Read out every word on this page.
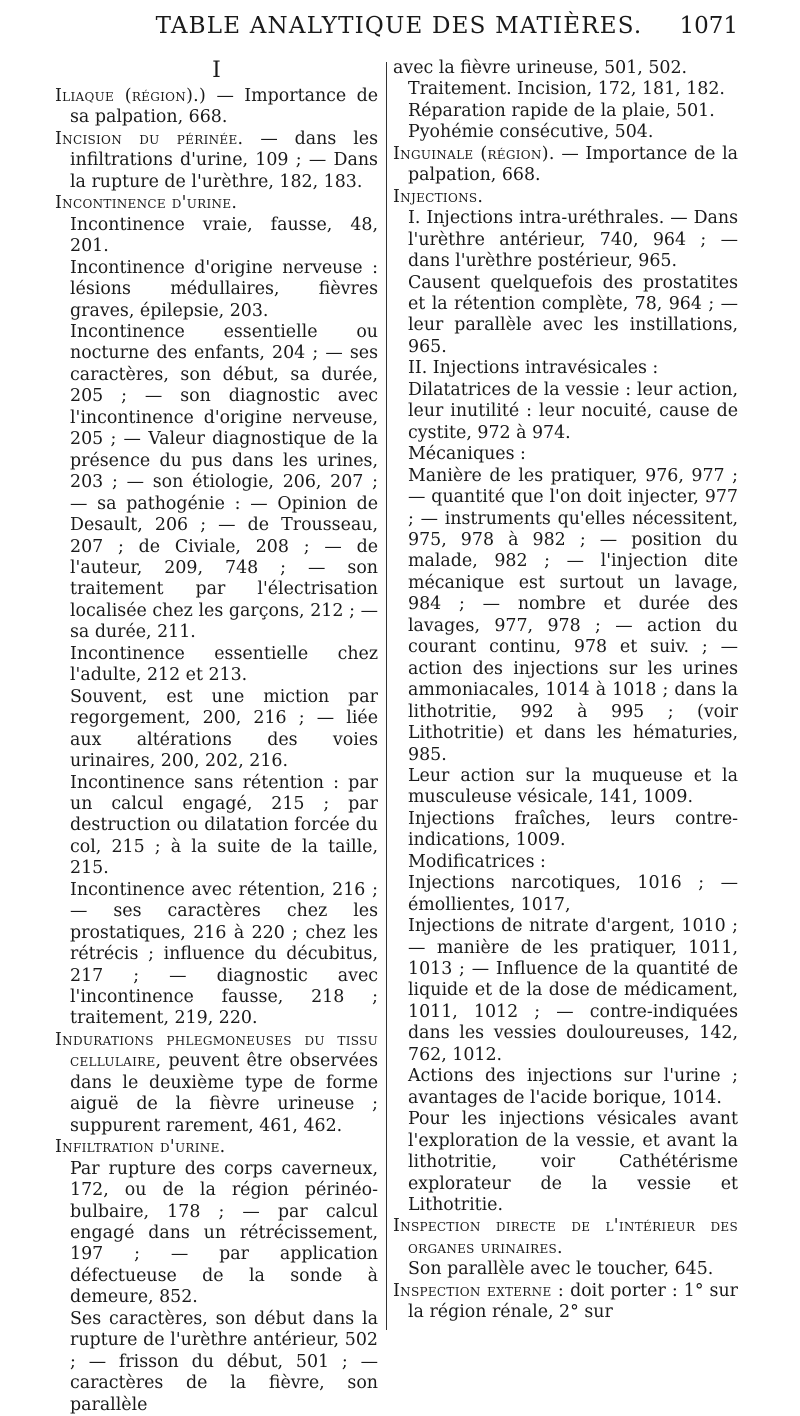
TABLE ANALYTIQUE DES MATIÈRES.	1071
I

Iliaque (région).) — Importance de sa palpation, 668.

Incision du périnée. — dans les infiltrations d'urine, 109 ; — Dans la rupture de l'urèthre, 182, 183.

Incontinence d'urine.

Incontinence vraie, fausse, 48, 201.

Incontinence d'origine nerveuse : lésions médullaires, fièvres graves, épilepsie, 203.

Incontinence essentielle ou nocturne des enfants, 204 ; — ses caractères, son début, sa durée, 205 ; — son diagnostic avec l'incontinence d'origine nerveuse, 205 ; — Valeur diagnostique de la présence du pus dans les urines, 203 ; — son étiologie, 206, 207 ; — sa pathogénie : — Opinion de Desault, 206 ; — de Trousseau, 207 ; de Civiale, 208 ; — de l'auteur, 209, 748 ; — son traitement par l'électrisation localisée chez les garçons, 212 ; — sa durée, 211.

Incontinence essentielle chez l'adulte, 212 et 213.

Souvent, est une miction par regorgement, 200, 216 ; — liée aux altérations des voies urinaires, 200, 202, 216.

Incontinence sans rétention : par un calcul engagé, 215 ; par destruction ou dilatation forcée du col, 215 ; à la suite de la taille, 215.

Incontinence avec rétention, 216 ; — ses caractères chez les prostatiques, 216 à 220 ; chez les rétrécis ; influence du décubitus, 217 ; — diagnostic avec l'incontinence fausse, 218 ; traitement, 219, 220.

Indurations phlegmoneuses du tissu cellulaire, peuvent être observées dans le deuxième type de forme aiguë de la fièvre urineuse ; suppurent rarement, 461, 462.

Infiltration d'urine.

Par rupture des corps caverneux, 172, ou de la région périnéo-bulbaire, 178 ; — par calcul engagé dans un rétrécissement, 197 ; — par application défectueuse de la sonde à demeure, 852.

Ses caractères, son début dans la rupture de l'urèthre antérieur, 502 ; — frisson du début, 501 ; — caractères de la fièvre, son parallèle

avec la fièvre urineuse, 501, 502.

Traitement. Incision, 172, 181, 182.

Réparation rapide de la plaie, 501.

Pyohémie consécutive, 504.

Inguinale (région). — Importance de la palpation, 668.

Injections.

I. Injections intra-uréthrales. — Dans l'urèthre antérieur, 740, 964 ; — dans l'urèthre postérieur, 965.

Causent quelquefois des prostatites et la rétention complète, 78, 964 ; — leur parallèle avec les instillations, 965.

II. Injections intravésicales :

Dilatatrices de la vessie : leur action, leur inutilité : leur nocuité, cause de cystite, 972 à 974.

Mécaniques :

Manière de les pratiquer, 976, 977 ; — quantité que l'on doit injecter, 977 ; — instruments qu'elles nécessitent, 975, 978 à 982 ; — position du malade, 982 ; — l'injection dite mécanique est surtout un lavage, 984 ; — nombre et durée des lavages, 977, 978 ; — action du courant continu, 978 et suiv. ; — action des injections sur les urines ammoniacales, 1014 à 1018 ; dans la lithotritie, 992 à 995 ; (voir Lithotritie) et dans les hématuries, 985.

Leur action sur la muqueuse et la musculeuse vésicale, 141, 1009.

Injections fraîches, leurs contre-indications, 1009.

Modificatrices :

Injections narcotiques, 1016 ; — émollientes, 1017,

Injections de nitrate d'argent, 1010 ; — manière de les pratiquer, 1011, 1013 ; — Influence de la quantité de liquide et de la dose de médicament, 1011, 1012 ; — contre-indiquées dans les vessies douloureuses, 142, 762, 1012.

Actions des injections sur l'urine ; avantages de l'acide borique, 1014.

Pour les injections vésicales avant l'exploration de la vessie, et avant la lithotritie, voir Cathétérisme explorateur de la vessie et Lithotritie.

Inspection directe de l'intérieur des organes urinaires.

Son parallèle avec le toucher, 645.

Inspection externe : doit porter : 1° sur la région rénale, 2° sur
